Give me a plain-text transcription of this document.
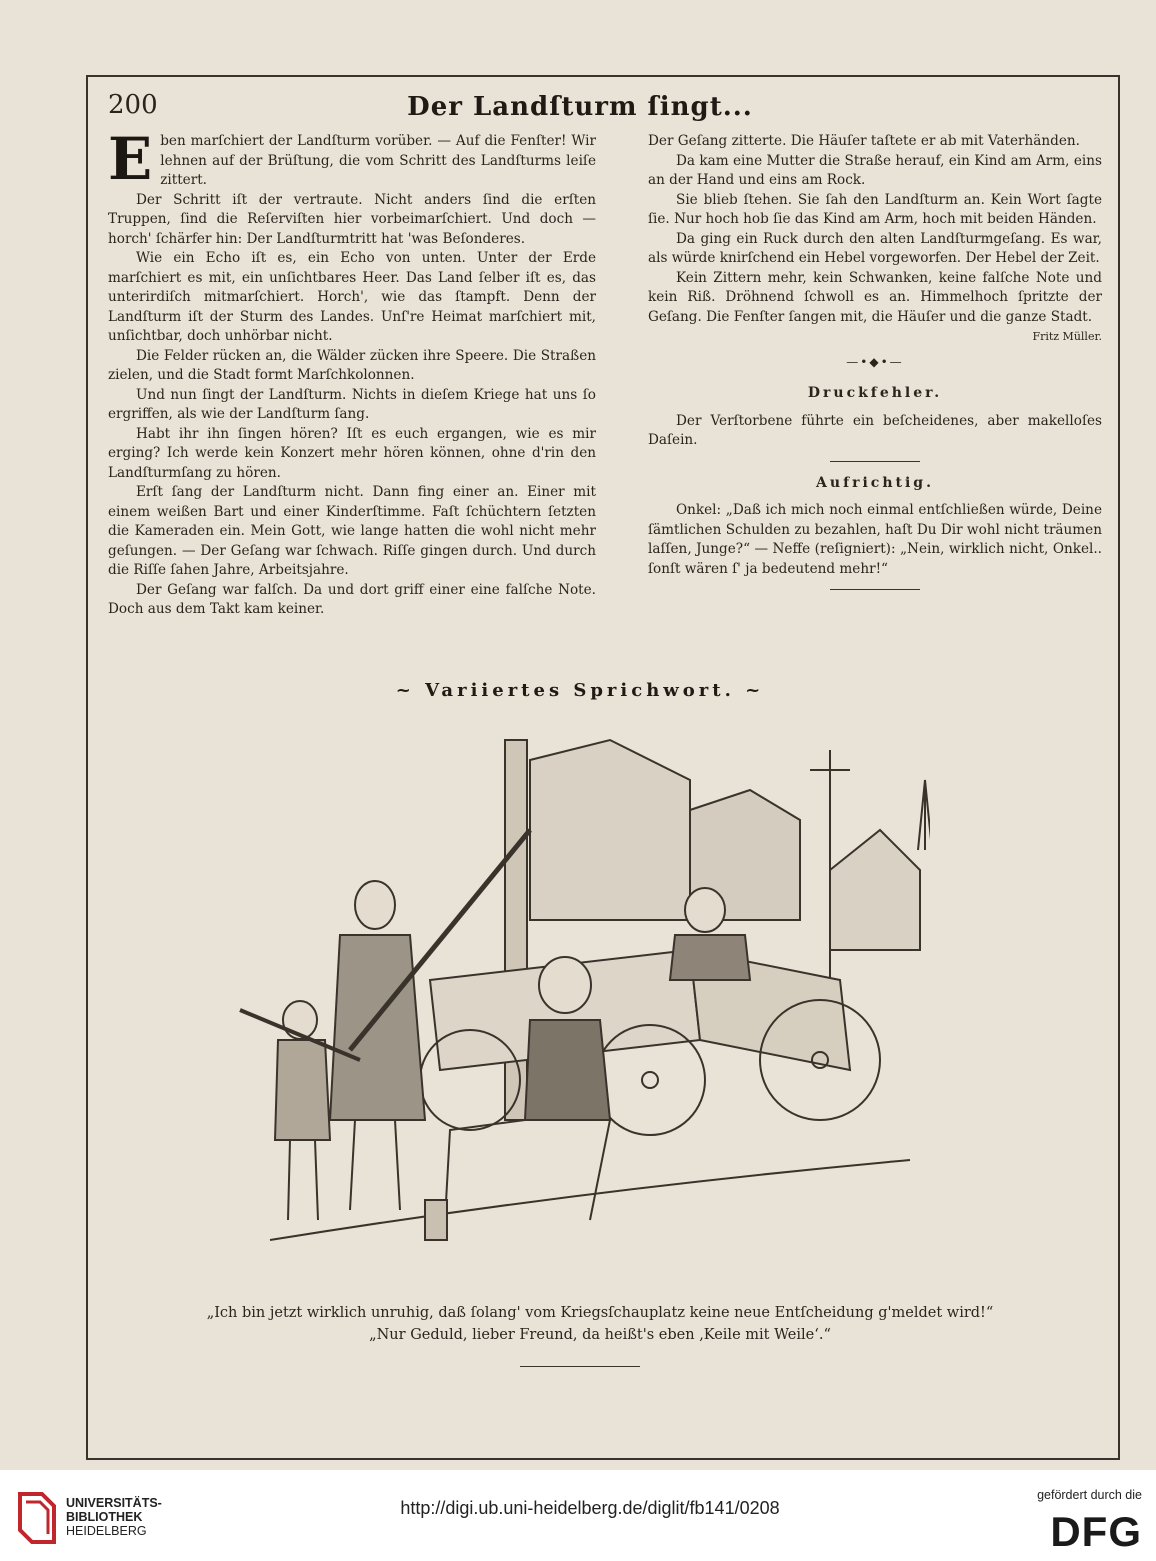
200	Der Landſturm ſingt...

Eben marſchiert der Landſturm vorüber. — Auf die Fenſter! Wir lehnen auf der Brüſtung, die vom Schritt des Landſturms leiſe zittert.

Der Schritt iſt der vertraute. Nicht anders ſind die erſten Truppen, ſind die Reſerviſten hier vorbeimarſchiert. Und doch — horch' ſchärfer hin: Der Landſturmtritt hat 'was Beſonderes.

Wie ein Echo iſt es, ein Echo von unten. Unter der Erde marſchiert es mit, ein unſichtbares Heer. Das Land ſelber iſt es, das unterirdiſch mitmarſchiert. Horch', wie das ſtampft. Denn der Landſturm iſt der Sturm des Landes. Unſ're Heimat marſchiert mit, unſichtbar, doch unhörbar nicht.

Die Felder rücken an, die Wälder zücken ihre Speere. Die Straßen zielen, und die Stadt formt Marſchkolonnen.

Und nun ſingt der Landſturm. Nichts in dieſem Kriege hat uns ſo ergriffen, als wie der Landſturm ſang.

Habt ihr ihn ſingen hören? Iſt es euch ergangen, wie es mir erging? Ich werde kein Konzert mehr hören können, ohne d'rin den Landſturmſang zu hören.

Erſt ſang der Landſturm nicht. Dann fing einer an. Einer mit einem weißen Bart und einer Kinderſtimme. Faſt ſchüchtern ſetzten die Kameraden ein. Mein Gott, wie lange hatten die wohl nicht mehr geſungen. — Der Geſang war ſchwach. Riſſe gingen durch. Und durch die Riſſe ſahen Jahre, Arbeitsjahre.

Der Geſang war falſch. Da und dort griff einer eine falſche Note. Doch aus dem Takt kam keiner.

Der Geſang zitterte. Die Häuſer taſtete er ab mit Vaterhänden.

Da kam eine Mutter die Straße herauf, ein Kind am Arm, eins an der Hand und eins am Rock.

Sie blieb ſtehen. Sie ſah den Landſturm an. Kein Wort ſagte ſie. Nur hoch hob ſie das Kind am Arm, hoch mit beiden Händen.

Da ging ein Ruck durch den alten Landſturmgeſang. Es war, als würde knirſchend ein Hebel vorgeworfen. Der Hebel der Zeit.

Kein Zittern mehr, kein Schwanken, keine falſche Note und kein Riß. Dröhnend ſchwoll es an. Himmelhoch ſpritzte der Geſang. Die Fenſter ſangen mit, die Häuſer und die ganze Stadt.

Fritz Müller.

—•◆•—
Druckfehler.

Der Verſtorbene führte ein beſcheidenes, aber makelloſes Daſein.

Aufrichtig.

Onkel: „Daß ich mich noch einmal entſchließen würde, Deine ſämtlichen Schulden zu bezahlen, haſt Du Dir wohl nicht träumen laſſen, Junge?“ — Neffe (reſigniert): „Nein, wirklich nicht, Onkel.. ſonſt wären ſ' ja bedeutend mehr!“

~ Variiertes Sprichwort. ~
„Ich bin jetzt wirklich unruhig, daß ſolang' vom Kriegsſchauplatz keine neue Entſcheidung g'meldet wird!“
„Nur Geduld, lieber Freund, da heißt's eben ‚Keile mit Weile‘.“
UNIVERSITÄTS-
BIBLIOTHEK
HEIDELBERG
http://digi.ub.uni-heidelberg.de/diglit/fb141/0208
gefördert durch die
DFG
